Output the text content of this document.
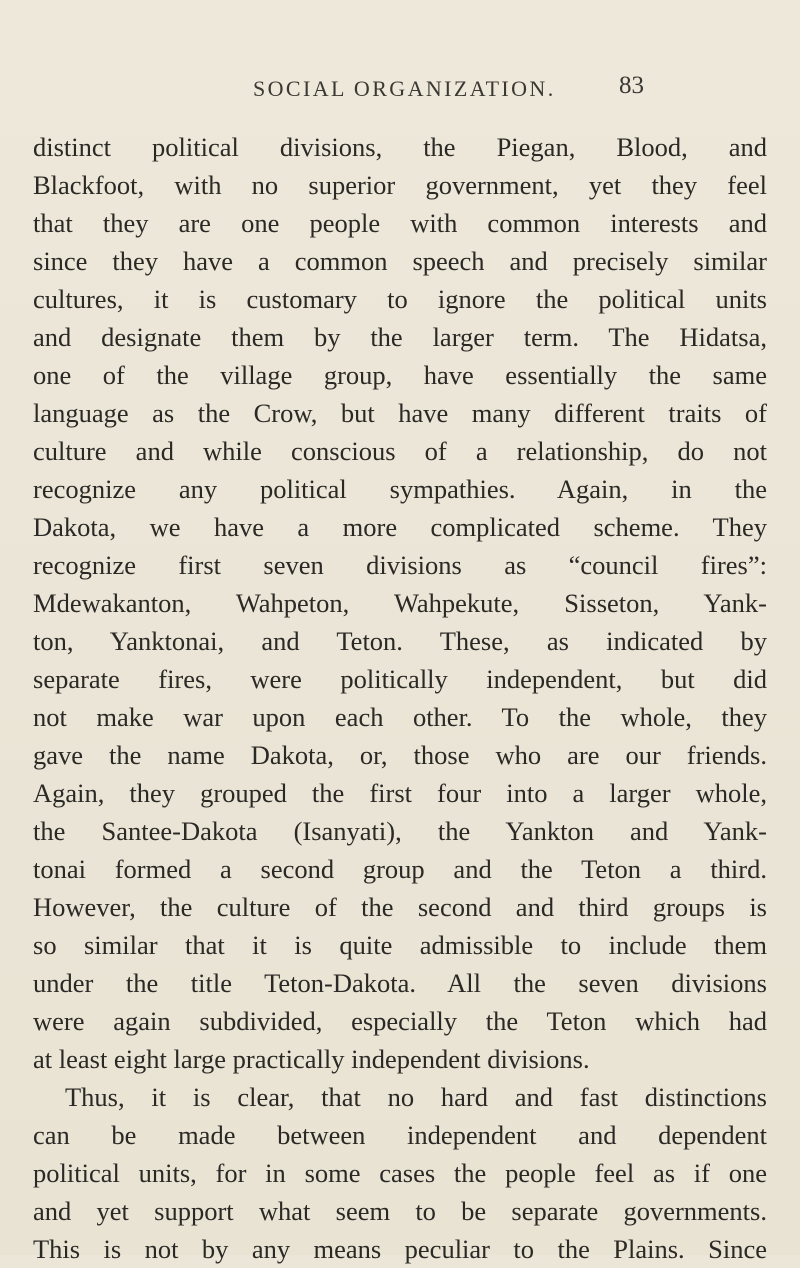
SOCIAL ORGANIZATION.	83
distinct political divisions, the Piegan, Blood, and
Blackfoot, with no superior government, yet they feel
that they are one people with common interests and
since they have a common speech and precisely similar
cultures, it is customary to ignore the political units
and designate them by the larger term. The Hidatsa,
one of the village group, have essentially the same
language as the Crow, but have many different traits of
culture and while conscious of a relationship, do not
recognize any political sympathies. Again, in the
Dakota, we have a more complicated scheme. They
recognize first seven divisions as “council fires”:
Mdewakanton, Wahpeton, Wahpekute, Sisseton, Yank-
ton, Yanktonai, and Teton. These, as indicated by
separate fires, were politically independent, but did
not make war upon each other. To the whole, they
gave the name Dakota, or, those who are our friends.
Again, they grouped the first four into a larger whole,
the Santee-Dakota (Isanyati), the Yankton and Yank-
tonai formed a second group and the Teton a third.
However, the culture of the second and third groups is
so similar that it is quite admissible to include them
under the title Teton-Dakota. All the seven divisions
were again subdivided, especially the Teton which had
at least eight large practically independent divisions.
Thus, it is clear, that no hard and fast distinctions
can be made between independent and dependent
political units, for in some cases the people feel as if one
and yet support what seem to be separate governments.
This is not by any means peculiar to the Plains. Since
